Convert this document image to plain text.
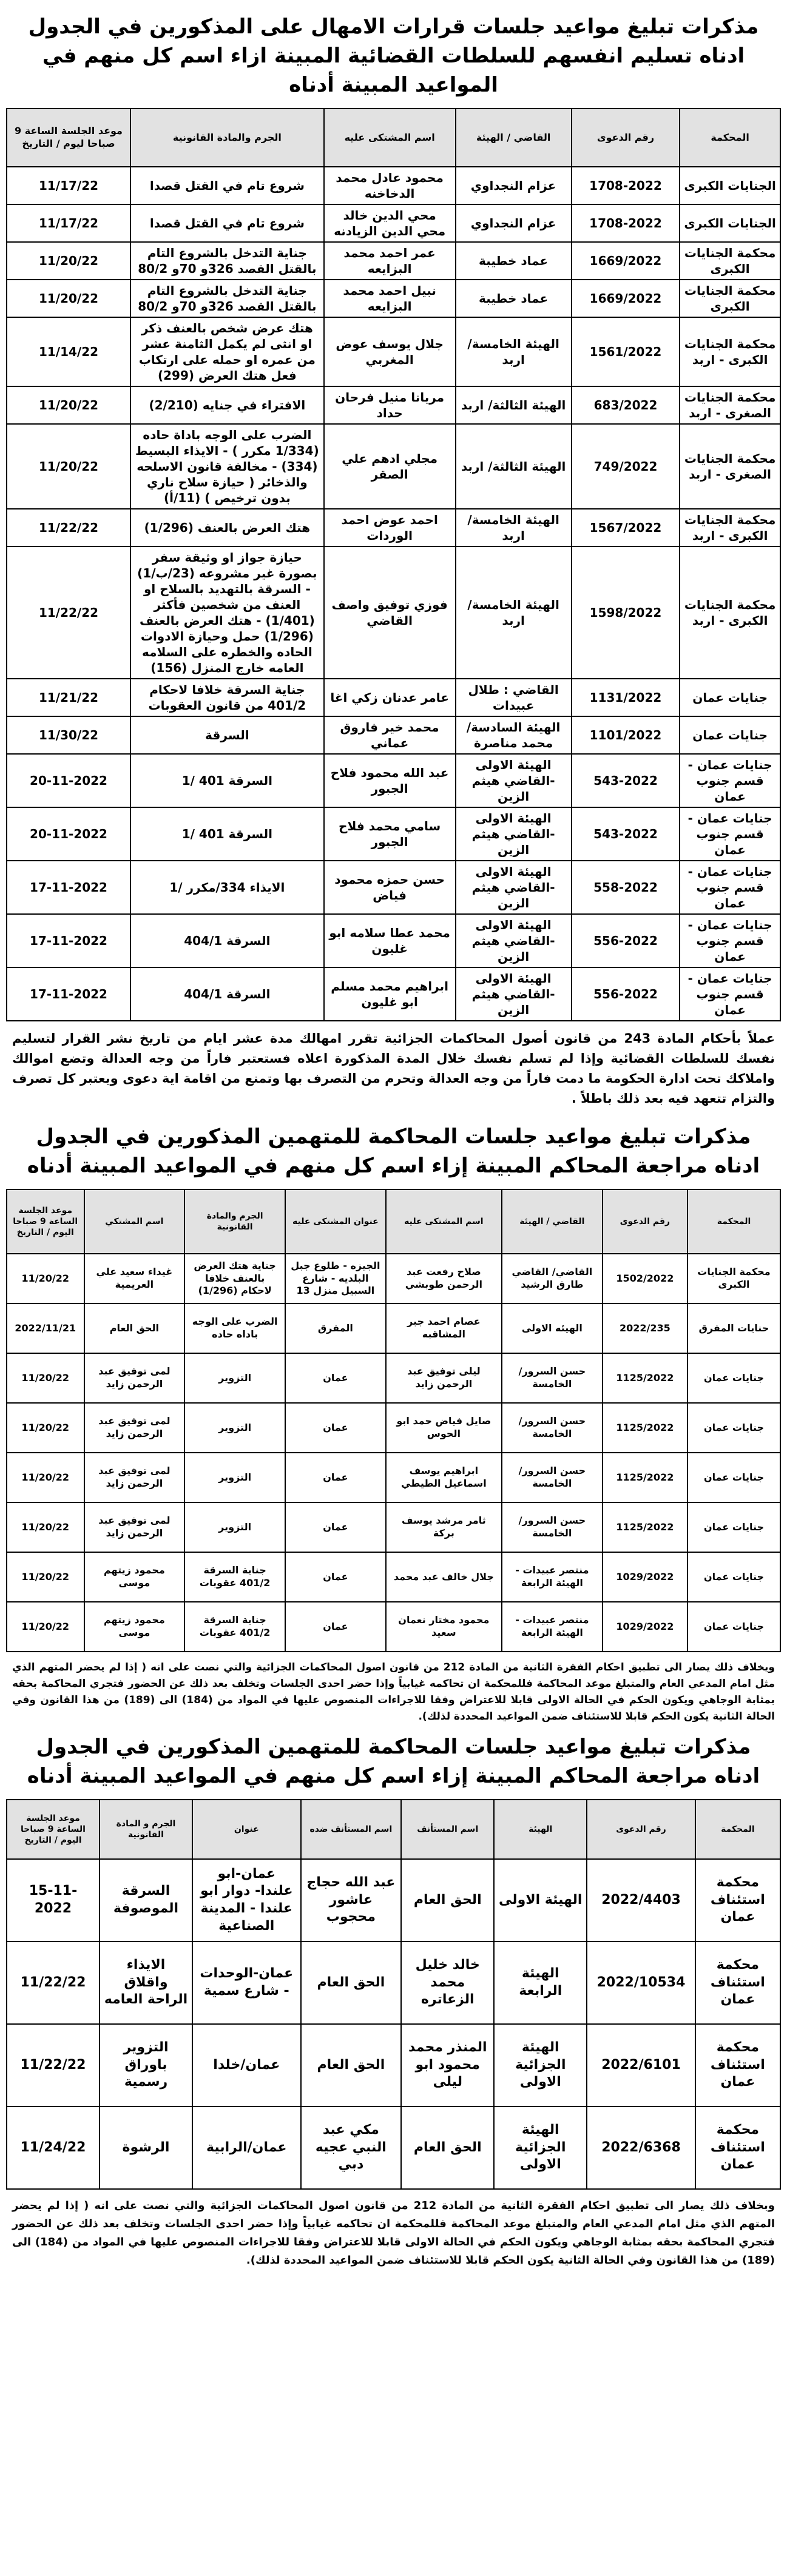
مذكرات تبليغ مواعيد جلسات قرارات الامهال على المذكورين في الجدول ادناه تسليم انفسهم للسلطات القضائية المبينة ازاء اسم كل منهم في المواعيد المبينة أدناه
المحكمة	رقم الدعوى	القاضي / الهيئة	اسم المشتكى عليه	الجرم والمادة القانونية	موعد الجلسة الساعة 9 صباحا ليوم / التاريخ
الجنايات الكبرى	1708-2022	عزام النجداوي	محمود عادل محمد الدخاخنه	شروع تام في القتل قصدا	11/17/22
الجنايات الكبرى	1708-2022	عزام النجداوي	محي الدين خالد محي الدين الزيادنه	شروع تام في القتل قصدا	11/17/22
محكمة الجنايات الكبرى	1669/2022	عماد خطيبة	عمر احمد محمد البزايعه	جناية التدخل بالشروع التام بالقتل القصد 326و 70و 80/2	11/20/22
محكمة الجنايات الكبرى	1669/2022	عماد خطيبة	نبيل احمد محمد البزايعه	جناية التدخل بالشروع التام بالقتل القصد 326و 70و 80/2	11/20/22
محكمة الجنايات الكبرى - اربد	1561/2022	الهيئة الخامسة/ اربد	جلال يوسف عوض المغربي	هتك عرض شخص بالعنف ذكر او انثى لم يكمل الثامنة عشر من عمره او حمله على ارتكاب فعل هتك العرض (299)	11/14/22
محكمة الجنايات الصغرى - اربد	683/2022	الهيئة الثالثة/ اربد	مريانا منيل فرحان حداد	الافتراء في جنايه (2/210)	11/20/22
محكمة الجنايات الصغرى - اربد	749/2022	الهيئة الثالثة/ اربد	مجلي ادهم علي الصقر	الضرب على الوجه باداة حاده (1/334 مكرر ) - الايذاء البسيط (334) - مخالفة قانون الاسلحه والذخائر ( حيازة سلاح ناري بدون ترخيص ) (11/أ)	11/20/22
محكمة الجنايات الكبرى - اربد	1567/2022	الهيئة الخامسة/ اربد	احمد عوض احمد الوردات	هتك العرض بالعنف (1/296)	11/22/22
محكمة الجنايات الكبرى - اربد	1598/2022	الهيئة الخامسة/ اربد	فوزي توفيق واصف القاضي	حيازة جواز او وثيقة سفر بصورة غير مشروعه (23/ب/1) - السرقة بالتهديد بالسلاح او العنف من شخصين فأكثر (1/401) - هتك العرض بالعنف (1/296) حمل وحيازة الادوات الحاده والخطره على السلامه العامه خارج المنزل (156)	11/22/22
جنايات عمان	1131/2022	القاضي : طلال عبيدات	عامر عدنان زكي اغا	جناية السرقة خلافا لاحكام 401/2 من قانون العقوبات	11/21/22
جنايات عمان	1101/2022	الهيئة السادسة/محمد مناصرة	محمد خير فاروق عماني	السرقة	11/30/22
جنايات عمان - قسم جنوب عمان	543-2022	الهيئة الاولى -القاضي هيثم الزين	عبد الله محمود فلاح الجبور	السرقة 401 /1	20-11-2022
جنايات عمان - قسم جنوب عمان	543-2022	الهيئة الاولى -القاضي هيثم الزين	سامي محمد فلاح الجبور	السرقة 401 /1	20-11-2022
جنايات عمان - قسم جنوب عمان	558-2022	الهيئة الاولى -القاضي هيثم الزين	حسن حمزه محمود فياض	الايذاء 334/مكرر /1	17-11-2022
جنايات عمان - قسم جنوب عمان	556-2022	الهيئة الاولى -القاضي هيثم الزين	محمد عطا سلامه ابو غليون	السرقة 404/1	17-11-2022
جنايات عمان - قسم جنوب عمان	556-2022	الهيئة الاولى -القاضي هيثم الزين	ابراهيم محمد مسلم ابو غليون	السرقة 404/1	17-11-2022

عملاً بأحكام المادة 243 من قانون أصول المحاكمات الجزائية تقرر امهالك مدة عشر ايام من تاريخ نشر القرار لتسليم نفسك للسلطات القضائية وإذا لم تسلم نفسك خلال المدة المذكورة اعلاه فستعتبر فاراً من وجه العدالة وتضع اموالك واملاكك تحت ادارة الحكومة ما دمت فاراً من وجه العدالة وتحرم من التصرف بها وتمنع من اقامة اية دعوى ويعتبر كل تصرف والتزام تتعهد فيه بعد ذلك باطلاً .

مذكرات تبليغ مواعيد جلسات المحاكمة للمتهمين المذكورين في الجدول ادناه مراجعة المحاكم المبينة إزاء اسم كل منهم في المواعيد المبينة أدناه
المحكمة	رقم الدعوى	القاضي / الهيئة	اسم المشتكى عليه	عنوان المشتكى عليه	الجرم والمادة القانونية	اسم المشتكي	موعد الجلسة الساعة 9 صباحا اليوم / التاريخ
محكمة الجنايات الكبرى	1502/2022	القاضي/ القاضي طارق الرشيد	صلاح رفعت عبد الرحمن طوبشي	الجيزه - طلوع جبل البلديه - شارع السبيل منزل 13	جناية هتك العرض بالعنف خلافا لاحكام (1/296)	غيداء سعيد علي العريمية	11/20/22
حنايات المفرق	2022/235	الهيئه الاولى	عصام احمد جبر المشاقبه	المفرق	الضرب على الوجه باداه حاده	الحق العام	2022/11/21
جنايات عمان	1125/2022	حسن السرور/ الخامسة	ليلى توفيق عبد الرحمن زايد	عمان	التزوير	لمى توفيق عبد الرحمن زايد	11/20/22
جنايات عمان	1125/2022	حسن السرور/ الخامسة	صايل فياض حمد ابو الحوس	عمان	التزوير	لمى توفيق عبد الرحمن زايد	11/20/22
جنايات عمان	1125/2022	حسن السرور/ الخامسة	ابراهيم يوسف اسماعيل الطيطي	عمان	التزوير	لمى توفيق عبد الرحمن زايد	11/20/22
جنايات عمان	1125/2022	حسن السرور/ الخامسة	ثامر مرشد يوسف بركة	عمان	التزوير	لمى توفيق عبد الرحمن زايد	11/20/22
جنايات عمان	1029/2022	منتصر عبيدات - الهيئة الرابعة	جلال خالف عبد محمد	عمان	جناية السرقة 401/2 عقوبات	محمود زيتهم موسى	11/20/22
جنايات عمان	1029/2022	منتصر عبيدات - الهيئة الرابعة	محمود مختار نعمان سعيد	عمان	جناية السرقة 401/2 عقوبات	محمود زيتهم موسى	11/20/22

ويخلاف ذلك يصار الى تطبيق احكام الفقرة الثانية من المادة 212 من قانون اصول المحاكمات الجزائية والتي نصت على انه ( إذا لم يحضر المتهم الذي مثل امام المدعي العام والمتبلغ موعد المحاكمة فللمحكمة ان تحاكمه غيابياً وإذا حضر احدى الجلسات وتخلف بعد ذلك عن الحضور فتجري المحاكمة بحقه بمثابة الوجاهي ويكون الحكم في الحالة الاولى قابلا للاعتراض وفقا للاجراءات المنصوص عليها في المواد من (184) الى (189) من هذا القانون وفي الحالة الثانية يكون الحكم قابلا للاستئناف ضمن المواعيد المحددة لذلك).

مذكرات تبليغ مواعيد جلسات المحاكمة للمتهمين المذكورين في الجدول ادناه مراجعة المحاكم المبينة إزاء اسم كل منهم في المواعيد المبينة أدناه
المحكمة	رقم الدعوى	الهيئة	اسم المستأنف	اسم المستأنف ضده	عنوان	الجرم و المادة القانونية	موعد الجلسة الساعة 9 صباحا اليوم / التاريخ
محكمة استئناف عمان	2022/4403	الهيئة الاولى	الحق العام	عبد الله حجاج عاشور محجوب	عمان-ابو علندا- دوار ابو علندا - المدينة الصناعية	السرقة الموصوفة	15-11-2022
محكمة استئناف عمان	2022/10534	الهيئة الرابعة	خالد خليل محمد الزعاتره	الحق العام	عمان-الوحدات - شارع سمية	الايذاء واقلاق الراحة العامه	11/22/22
محكمة استئناف عمان	2022/6101	الهيئة الجزائية الاولى	المنذر محمد محمود ابو ليلى	الحق العام	عمان/خلدا	التزوير باوراق رسمية	11/22/22
محكمة استئناف عمان	2022/6368	الهيئة الجزائية الاولى	الحق العام	مكي عبد النبي عجيه دبي	عمان/الرابية	الرشوة	11/24/22

وبخلاف ذلك يصار الى تطبيق احكام الفقرة الثانية من المادة 212 من قانون اصول المحاكمات الجزائية والتي نصت على انه ( إذا لم يحضر المتهم الذي مثل امام المدعي العام والمتبلغ موعد المحاكمة فللمحكمة ان تحاكمه غيابياً وإذا حضر احدى الجلسات وتخلف بعد ذلك عن الحضور فتجري المحاكمة بحقه بمثابة الوجاهي ويكون الحكم في الحالة الاولى قابلا للاعتراض وفقا للاجراءات المنصوص عليها في المواد من (184) الى (189) من هذا القانون وفي الحالة الثانية يكون الحكم قابلا للاستئناف ضمن المواعيد المحددة لذلك).
